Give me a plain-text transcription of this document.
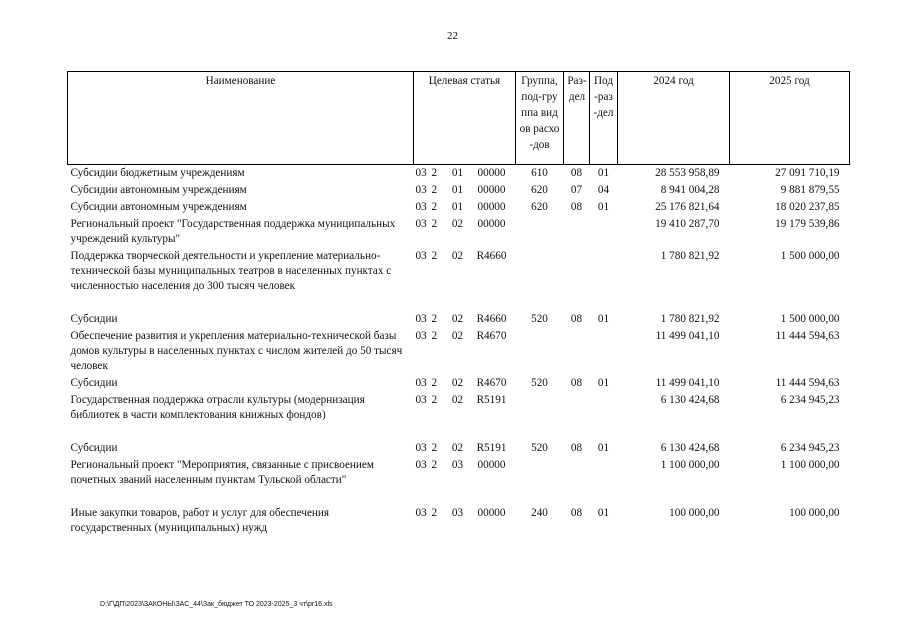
22
Наименование	Целевая статья	Группа, под-группа видов расхо-дов	Раз-дел	Под-раз-дел	2024 год	2025 год
Субсидии бюджетным учреждениям	03 2 01 00000	610	08	01	28 553 958,89	27 091 710,19
Субсидии автономным учреждениям	03 2 01 00000	620	07	04	8 941 004,28	9 881 879,55
Субсидии автономным учреждениям	03 2 01 00000	620	08	01	25 176 821,64	18 020 237,85
Региональный проект "Государственная поддержка муниципальных учреждений культуры"	03 2 02 00000				19 410 287,70	19 179 539,86
Поддержка творческой деятельности и укрепление материально-технической базы муниципальных театров в населенных пунктах с численностью населения до 300 тысяч человек	03 2 02 R4660				1 780 821,92	1 500 000,00

Субсидии	03 2 02 R4660	520	08	01	1 780 821,92	1 500 000,00
Обеспечение развития и укрепления материально-технической базы домов культуры в населенных пунктах с числом жителей до 50 тысяч человек	03 2 02 R4670				11 499 041,10	11 444 594,63
Субсидии	03 2 02 R4670	520	08	01	11 499 041,10	11 444 594,63
Государственная поддержка отрасли культуры (модернизация библиотек в части комплектования книжных фондов)	03 2 02 R5191				6 130 424,68	6 234 945,23

Субсидии	03 2 02 R5191	520	08	01	6 130 424,68	6 234 945,23
Региональный проект "Мероприятия, связанные с присвоением почетных званий населенным пунктам Тульской области"	03 2 03 00000				1 100 000,00	1 100 000,00

Иные закупки товаров, работ и услуг для обеспечения государственных (муниципальных) нужд	03 2 03 00000	240	08	01	100 000,00	100 000,00
D:\Г\ДП\2023\ЗАКОНЫ\ЗАС_44\Зак_бюджет ТО 2023-2025_3 чт\pr16.xls
